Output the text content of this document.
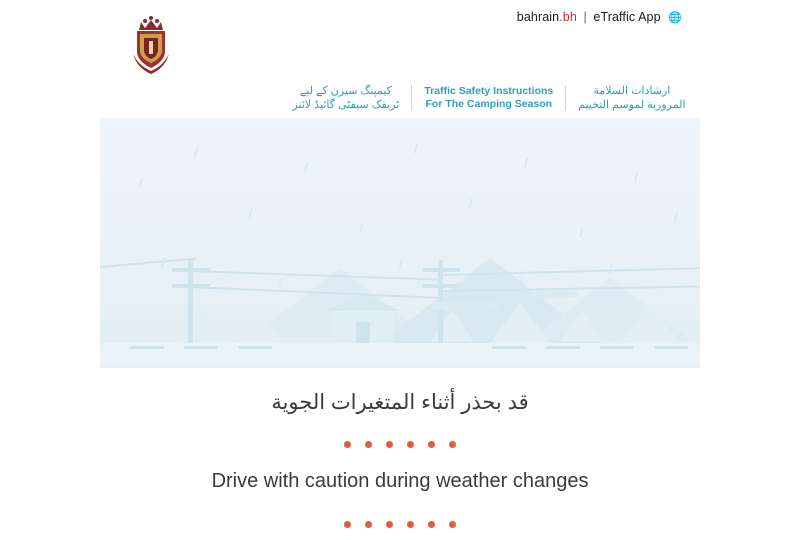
bahrain.bh | eTraffic App 🌐
کیمپنگ سیزن کے لیے
ٹریفک سیفٹی گائیڈ لائنز
Traffic Safety Instructions
For The Camping Season
ارشادات السلامة
المرورية لموسم التخييم
قد بحذر أثناء المتغيرات الجوية
Drive with caution during weather changes
